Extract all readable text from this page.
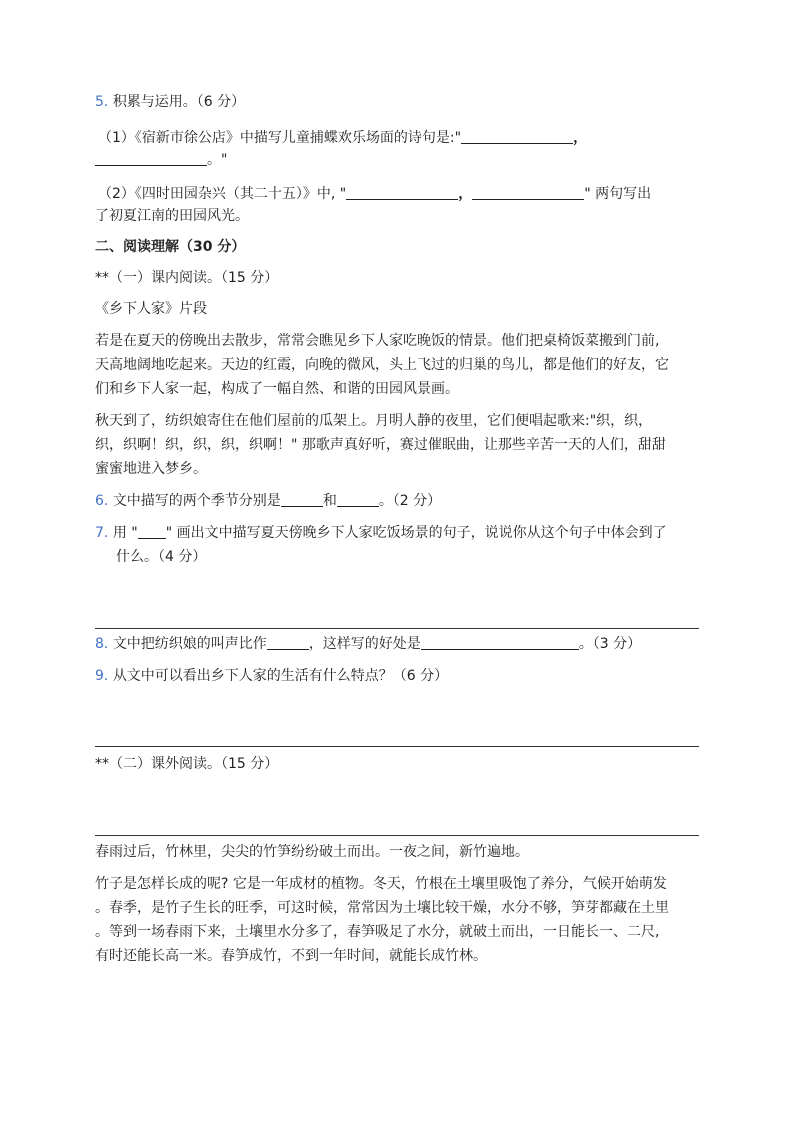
5. 积累与运用。（6 分）
（1）《宿新市徐公店》中描写儿童捕蝶欢乐场面的诗句是:"	，
。"
（2）《四时田园杂兴（其二十五）》中, "	，	" 两句写出
了初夏江南的田园风光。
二、阅读理解（30 分）
**（一）课内阅读。（15 分）
《乡下人家》片段
若是在夏天的傍晚出去散步，常常会瞧见乡下人家吃晚饭的情景。他们把桌椅饭菜搬到门前,
天高地阔地吃起来。天边的红霞，向晚的微风，头上飞过的归巢的鸟儿，都是他们的好友，它
们和乡下人家一起，构成了一幅自然、和谐的田园风景画。
秋天到了，纺织娘寄住在他们屋前的瓜架上。月明人静的夜里，它们便唱起歌来:"织，织，
织，织啊！织，织，织，织啊！" 那歌声真好听，赛过催眠曲，让那些辛苦一天的人们，甜甜
蜜蜜地进入梦乡。
6. 文中描写的两个季节分别是	和	。（2 分）
7. 用 " " 画出文中描写夏天傍晚乡下人家吃饭场景的句子，说说你从这个句子中体会到了
什么。（4 分）
8. 文中把纺织娘的叫声比作	，这样写的好处是	。（3 分）
9. 从文中可以看出乡下人家的生活有什么特点？（6 分）
**（二）课外阅读。（15 分）
春雨过后，竹林里，尖尖的竹笋纷纷破土而出。一夜之间，新竹遍地。
竹子是怎样长成的呢? 它是一年成材的植物。冬天，竹根在土壤里吸饱了养分，气候开始萌发
。春季，是竹子生长的旺季，可这时候，常常因为土壤比较干燥，水分不够，笋芽都藏在土里
。等到一场春雨下来，土壤里水分多了，春笋吸足了水分，就破土而出，一日能长一、二尺,
有时还能长高一米。春笋成竹，不到一年时间，就能长成竹林。
